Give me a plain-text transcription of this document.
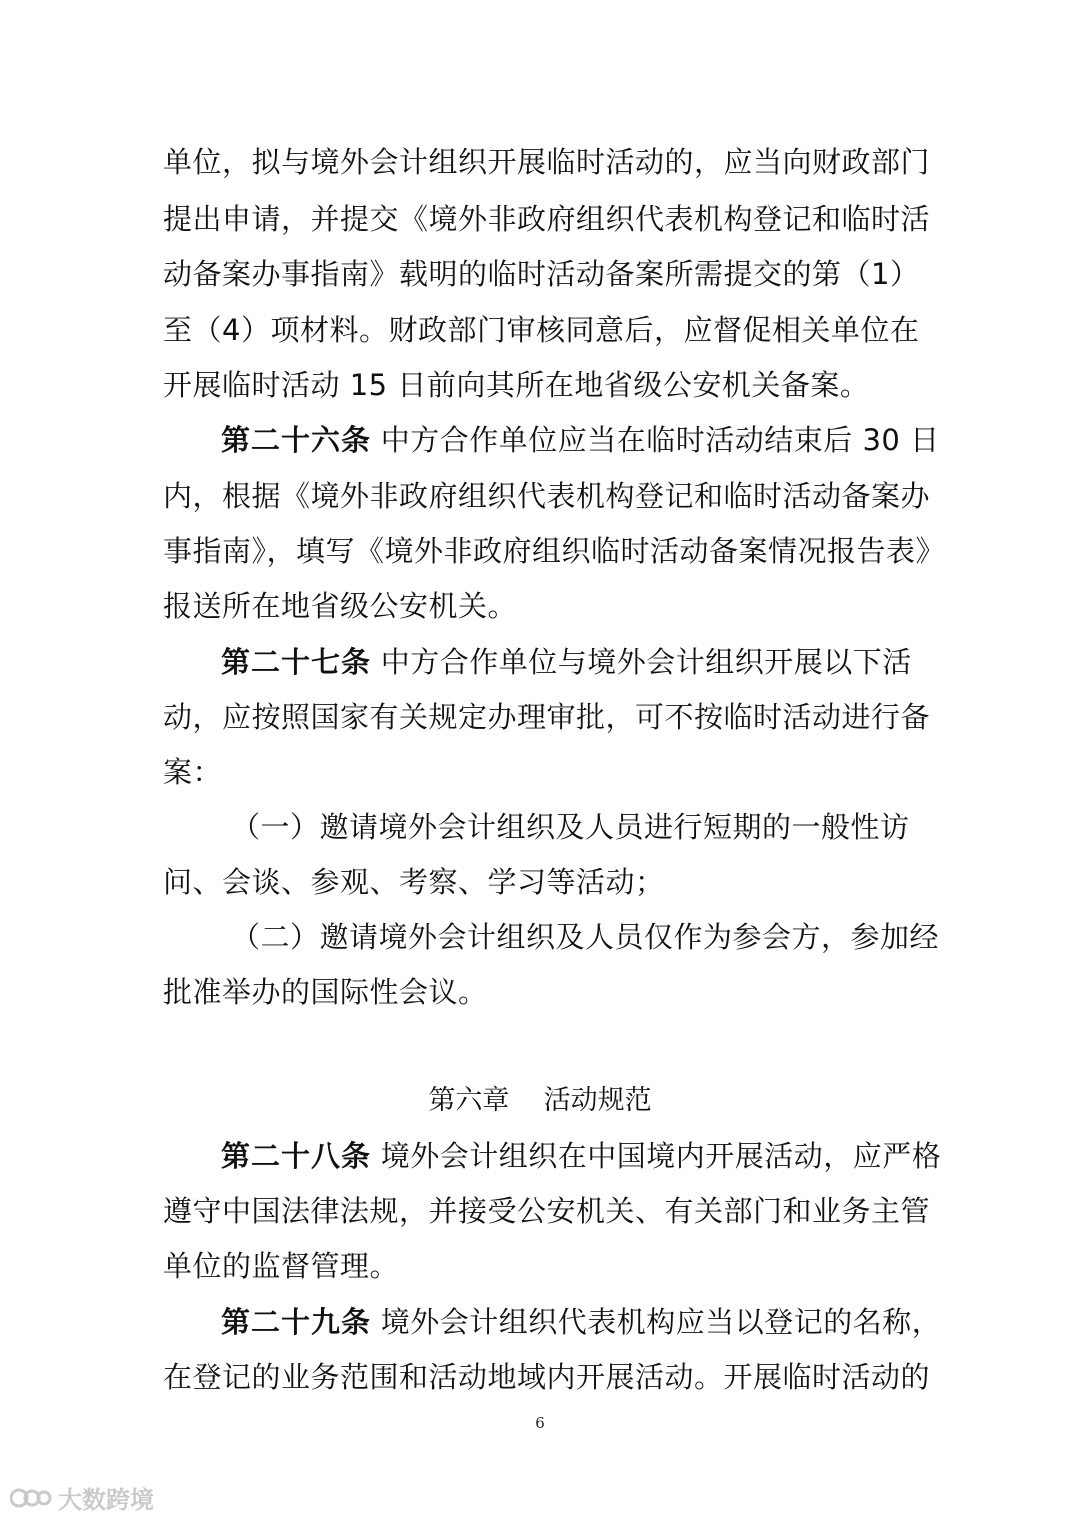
单位，拟与境外会计组织开展临时活动的，应当向财政部门
提出申请，并提交《境外非政府组织代表机构登记和临时活
动备案办事指南》载明的临时活动备案所需提交的第（1）
至（4）项材料。财政部门审核同意后，应督促相关单位在
开展临时活动 15 日前向其所在地省级公安机关备案。
第二十六条 中方合作单位应当在临时活动结束后 30 日
内，根据《境外非政府组织代表机构登记和临时活动备案办
事指南》，填写《境外非政府组织临时活动备案情况报告表》
报送所在地省级公安机关。
第二十七条 中方合作单位与境外会计组织开展以下活
动，应按照国家有关规定办理审批，可不按临时活动进行备
案：
（一）邀请境外会计组织及人员进行短期的一般性访
问、会谈、参观、考察、学习等活动；
（二）邀请境外会计组织及人员仅作为参会方，参加经
批准举办的国际性会议。
第六章    活动规范
第二十八条 境外会计组织在中国境内开展活动，应严格
遵守中国法律法规，并接受公安机关、有关部门和业务主管
单位的监督管理。
第二十九条 境外会计组织代表机构应当以登记的名称，
在登记的业务范围和活动地域内开展活动。开展临时活动的
6
大数跨境
